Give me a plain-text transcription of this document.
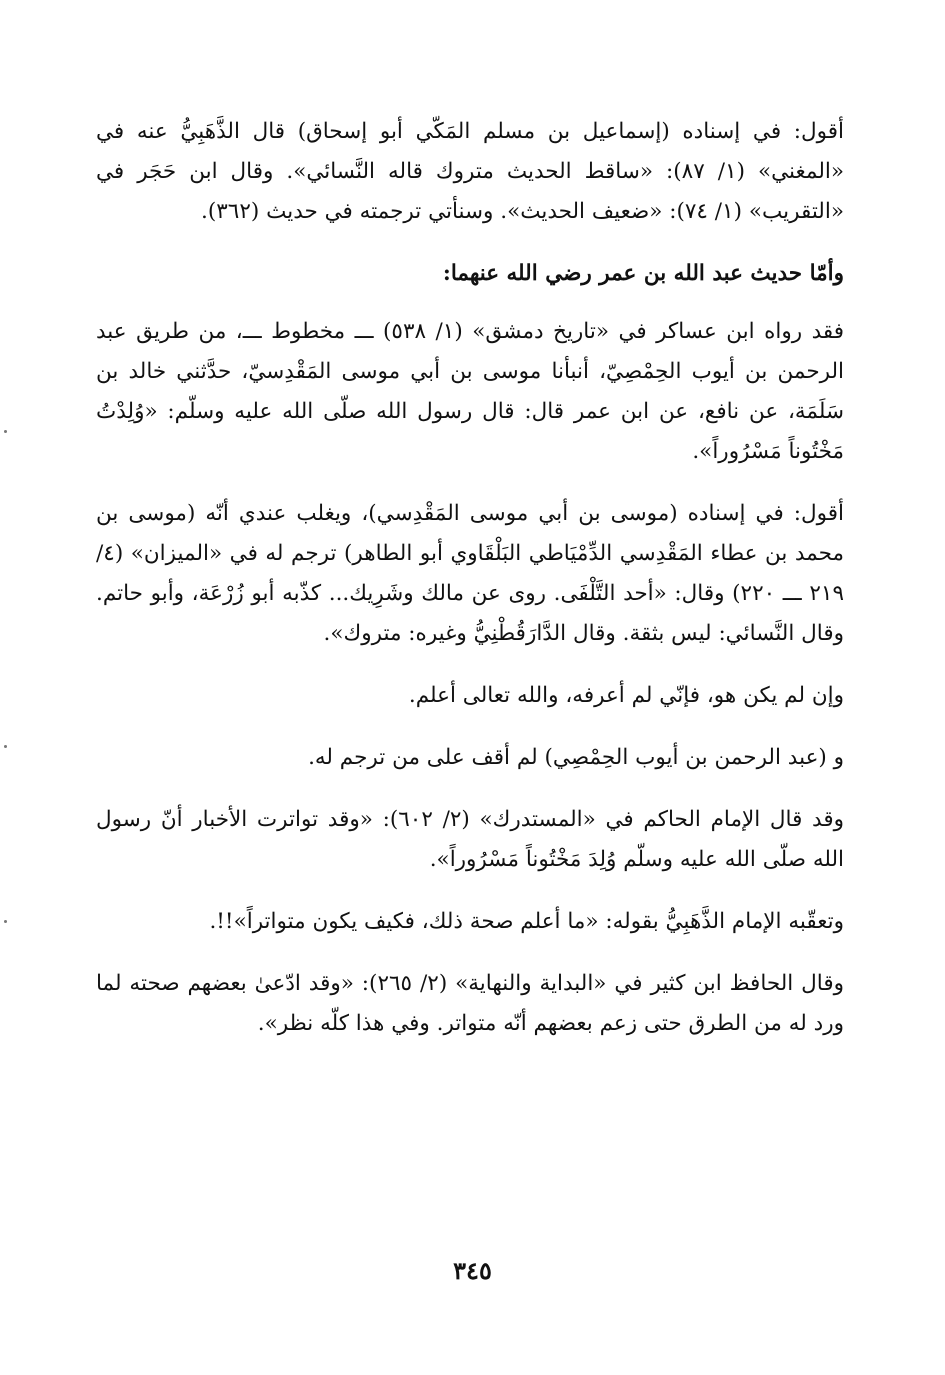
أقول: في إسناده (إسماعيل بن مسلم المَكّي أبو إسحاق) قال الذَّهَبِيُّ عنه في «المغني» (١/ ٨٧): «ساقط الحديث متروك قاله النَّسائي». وقال ابن حَجَر في «التقريب» (١/ ٧٤): «ضعيف الحديث». وسنأتي ترجمته في حديث (٣٦٢).

وأمّا حديث عبد الله بن عمر رضي الله عنهما:

فقد رواه ابن عساكر في «تاريخ دمشق» (١/ ٥٣٨) ـــ مخطوط ـــ، من طريق عبد الرحمن بن أيوب الحِمْصِيّ، أنبأنا موسى بن أبي موسى المَقْدِسيّ، حدَّثني خالد بن سَلَمَة، عن نافع، عن ابن عمر قال: قال رسول الله صلّى الله عليه وسلّم: «وُلِدْتُ مَخْتُوناً مَسْرُوراً».

أقول: في إسناده (موسى بن أبي موسى المَقْدِسي)، ويغلب عندي أنّه (موسى بن محمد بن عطاء المَقْدِسي الدِّمْيَاطي البَلْقَاوي أبو الطاهر) ترجم له في «الميزان» (٤/ ٢١٩ ـــ ٢٢٠) وقال: «أحد التَّلْفَى. روى عن مالك وشَرِيك... كذّبه أبو زُرْعَة، وأبو حاتم. وقال النَّسائي: ليس بثقة. وقال الدَّارَقُطْنِيُّ وغيره: متروك».

وإن لم يكن هو، فإنّي لم أعرفه، والله تعالى أعلم.

و (عبد الرحمن بن أيوب الحِمْصِي) لم أقف على من ترجم له.

وقد قال الإمام الحاكم في «المستدرك» (٢/ ٦٠٢): «وقد تواترت الأخبار أنّ رسول الله صلّى الله عليه وسلّم وُلِدَ مَخْتُوناً مَسْرُوراً».

وتعقّبه الإمام الذَّهَبِيُّ بقوله: «ما أعلم صحة ذلك، فكيف يكون متواتراً»!!.

وقال الحافظ ابن كثير في «البداية والنهاية» (٢/ ٢٦٥): «وقد ادّعىٰ بعضهم صحته لما ورد له من الطرق حتى زعم بعضهم أنّه متواتر. وفي هذا كلّه نظر».

٣٤٥
